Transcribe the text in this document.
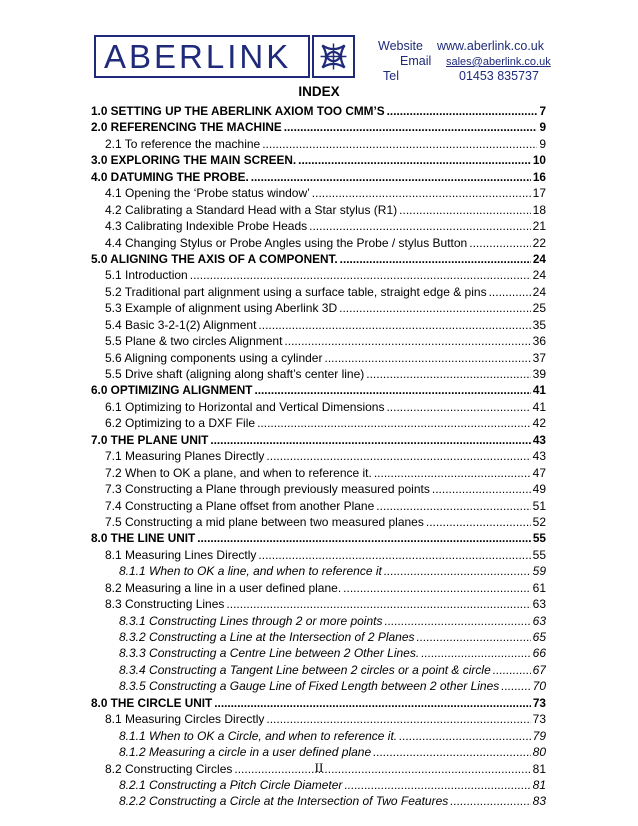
ABERLINK	Website www.aberlink.co.uk
Email sales@aberlink.co.uk
Tel	01453 835737
INDEX
1.0 SETTING UP THE ABERLINK AXIOM TOO CMM’S .....	7
2.0 REFERENCING THE MACHINE .....	9
2.1 To reference the machine .....	9
3.0 EXPLORING THE MAIN SCREEN. .....	10
4.0 DATUMING THE PROBE. .....	16
4.1 Opening the ‘Probe status window’ .....	17
4.2 Calibrating a Standard Head with a Star stylus (R1) .....	18
4.3 Calibrating Indexible Probe Heads .....	21
4.4 Changing Stylus or Probe Angles using the Probe / stylus Button .....	22
5.0 ALIGNING THE AXIS OF A COMPONENT. .....	24
5.1 Introduction .....	24
5.2 Traditional part alignment using a surface table, straight edge & pins .....	24
5.3 Example of alignment using Aberlink 3D .....	25
5.4 Basic 3-2-1(2) Alignment .....	35
5.5 Plane & two circles Alignment .....	36
5.6 Aligning components using a cylinder .....	37
5.5 Drive shaft (aligning along shaft’s center line) .....	39
6.0 OPTIMIZING ALIGNMENT .....	41
6.1 Optimizing to Horizontal and Vertical Dimensions .....	41
6.2 Optimizing to a DXF File .....	42
7.0 THE PLANE UNIT .....	43
7.1 Measuring Planes Directly .....	43
7.2 When to OK a plane, and when to reference it. .....	47
7.3 Constructing a Plane through previously measured points .....	49
7.4 Constructing a Plane offset from another Plane .....	51
7.5 Constructing a mid plane between two measured planes .....	52
8.0 THE LINE UNIT .....	55
8.1 Measuring Lines Directly .....	55
8.1.1 When to OK a line, and when to reference it .....	59
8.2 Measuring a line in a user defined plane. .....	61
8.3 Constructing Lines .....	63
8.3.1 Constructing Lines through 2 or more points .....	63
8.3.2 Constructing a Line at the Intersection of 2 Planes .....	65
8.3.3 Constructing a Centre Line between 2 Other Lines. .....	66
8.3.4 Constructing a Tangent Line between 2 circles or a point & circle .....	67
8.3.5 Constructing a Gauge Line of Fixed Length between 2 other Lines .....	70
8.0 THE CIRCLE UNIT .....	73
8.1 Measuring Circles Directly .....	73
8.1.1 When to OK a Circle, and when to reference it. .....	79
8.1.2 Measuring a circle in a user defined plane .....	80
8.2 Constructing Circles .....	81
8.2.1 Constructing a Pitch Circle Diameter .....	81
8.2.2 Constructing a Circle at the Intersection of Two Features .....	83
II
